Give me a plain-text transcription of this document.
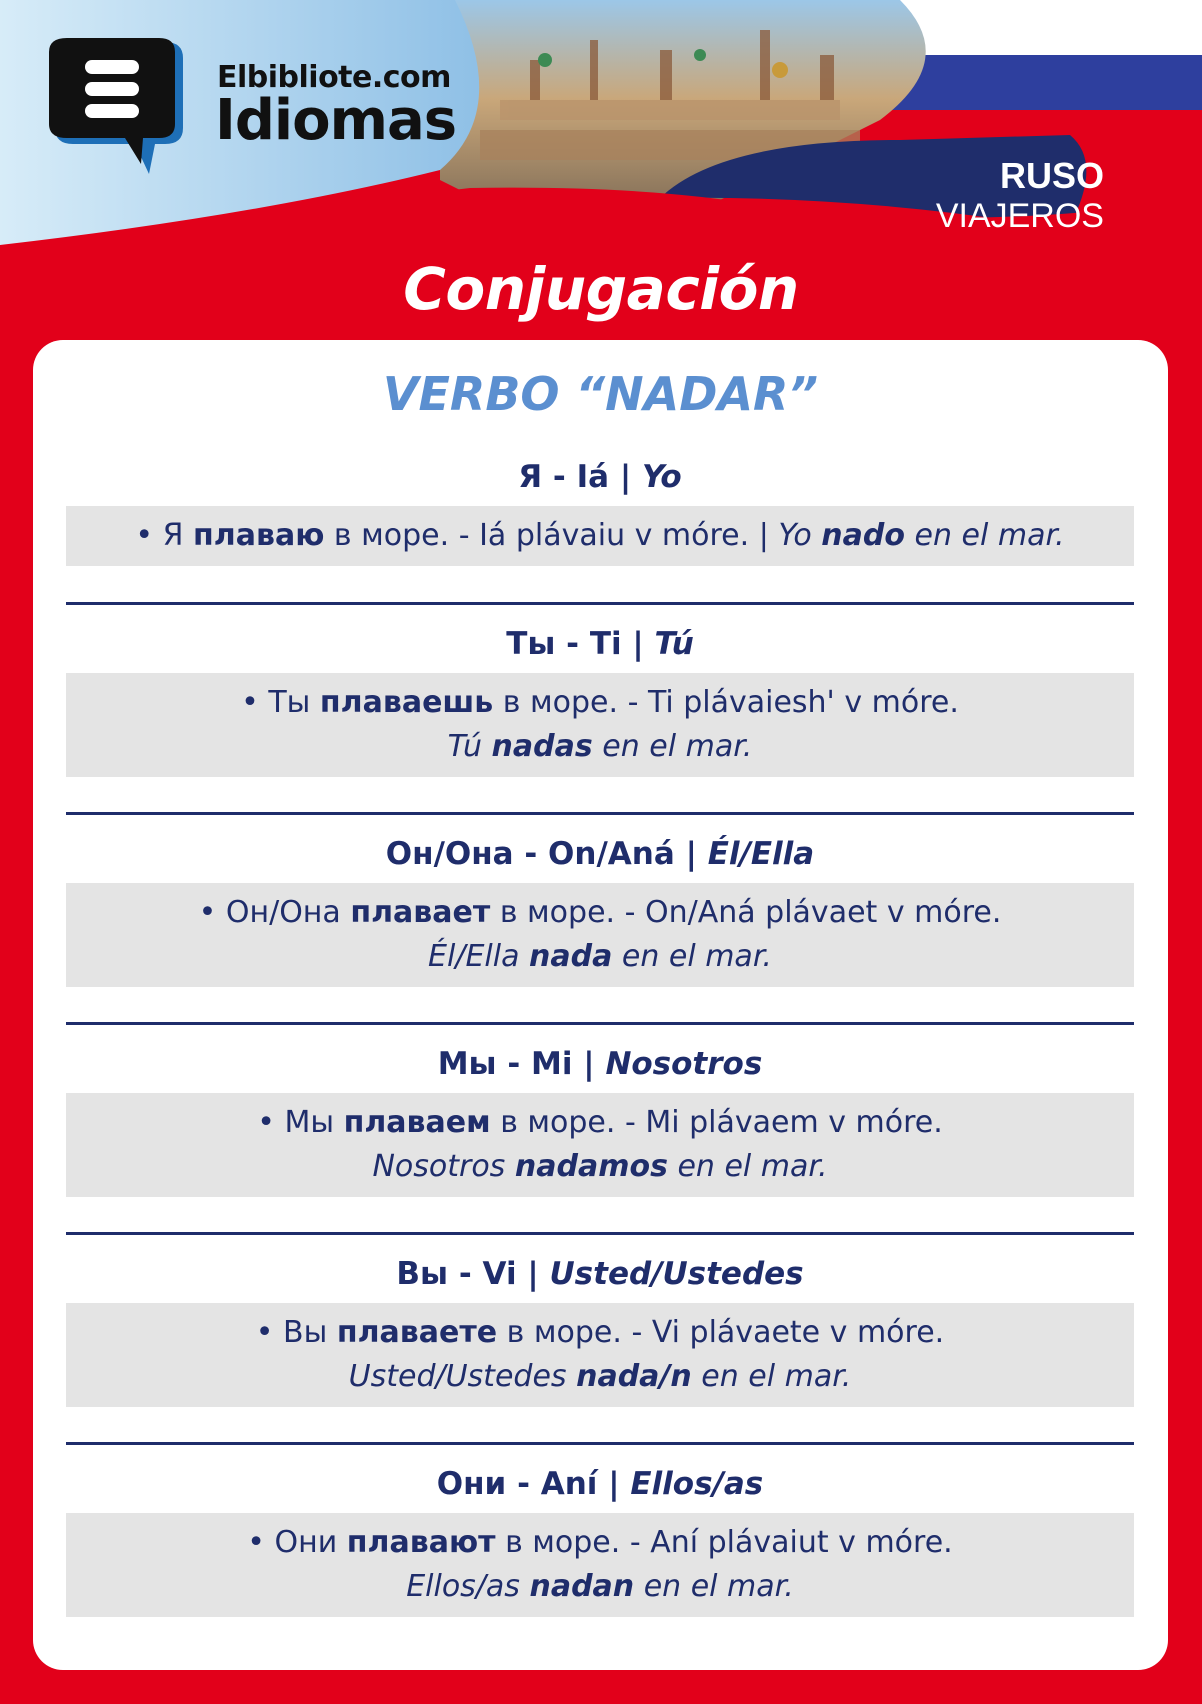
Elbibliote.com
Idiomas
RUSO
VIAJEROS
Conjugación
VERBO “NADAR”
Я - Iá | Yo
• Я плаваю в море. - Iá plávaiu v móre. | Yo nado en el mar.
Ты - Ti | Tú
• Ты плаваешь в море. - Ti plávaiesh' v móre.
Tú nadas en el mar.
Он/Она - On/Aná | Él/Ella
• Он/Она плавает в море. - On/Aná plávaet v móre.
Él/Ella nada en el mar.
Мы - Mi | Nosotros
• Мы плаваем в море. - Mi plávaem v móre.
Nosotros nadamos en el mar.
Вы - Vi | Usted/Ustedes
• Вы плаваете в море. - Vi plávaete v móre.
Usted/Ustedes nada/n en el mar.
Они - Aní | Ellos/as
• Они плавают в море. - Aní plávaiut v móre.
Ellos/as nadan en el mar.
